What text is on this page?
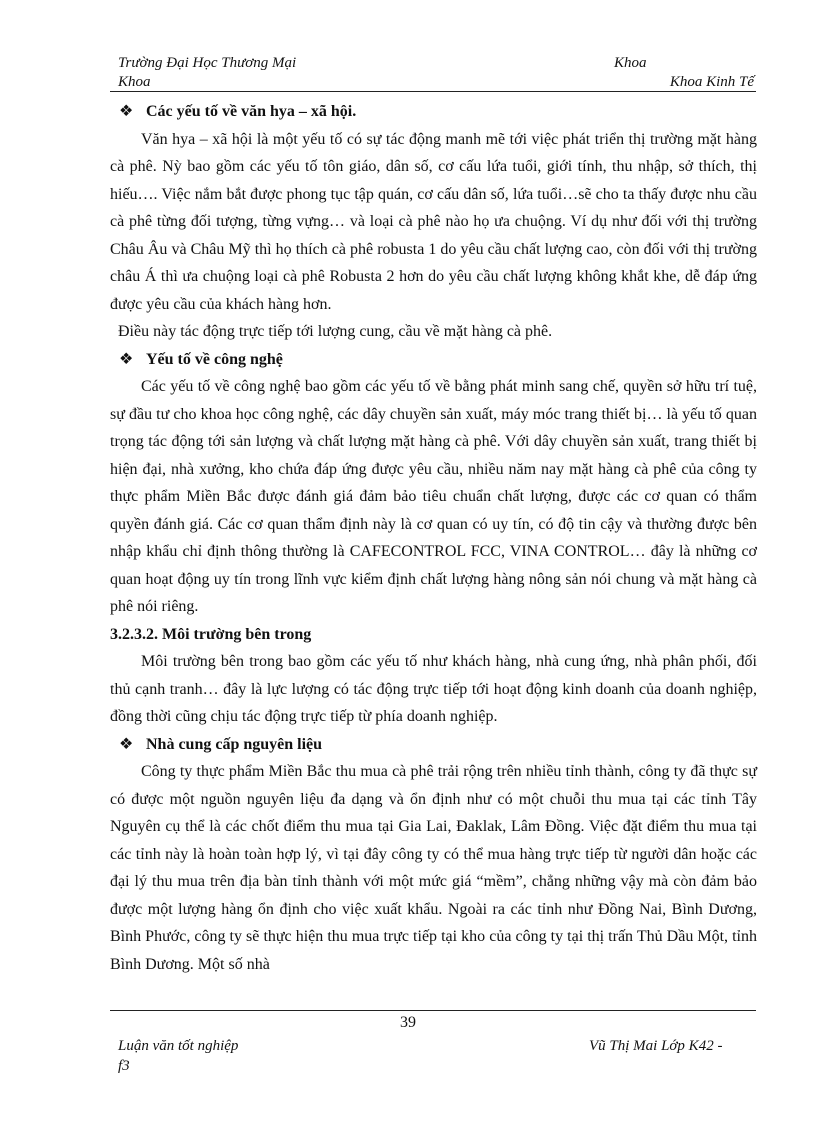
Trường Đại Học Thương Mại	Khoa
Khoa	Khoa Kinh Tế

❖ Các yếu tố về văn hya – xã hội.

Văn hya – xã hội là một yếu tố có sự tác động manh mẽ tới việc phát triển thị trường mặt hàng cà phê. Nỳ bao gồm các yếu tố tôn giáo, dân số, cơ cấu lứa tuổi, giới tính, thu nhập, sở thích, thị hiếu…. Việc nắm bắt được phong tục tập quán, cơ cấu dân số, lứa tuổi…sẽ cho ta thấy được nhu cầu cà phê từng đối tượng, từng vựng… và loại cà phê nào họ ưa chuộng. Ví dụ như đối với thị trường Châu Âu và Châu Mỹ thì họ thích cà phê robusta 1 do yêu cầu chất lượng cao, còn đối với thị trường châu Á thì ưa chuộng loại cà phê Robusta 2 hơn do yêu cầu chất lượng không khắt khe, dễ đáp ứng được yêu cầu của khách hàng hơn.

Điều này tác động trực tiếp tới lượng cung, cầu về mặt hàng cà phê.

❖ Yếu tố về công nghệ

Các yếu tố về công nghệ bao gồm các yếu tố về bằng phát minh sang chế, quyền sở hữu trí tuệ, sự đầu tư cho khoa học công nghệ, các dây chuyền sản xuất, máy móc trang thiết bị… là yếu tố quan trọng tác động tới sản lượng và chất lượng mặt hàng cà phê. Với dây chuyền sản xuất, trang thiết bị hiện đại, nhà xưởng, kho chứa đáp ứng được yêu cầu, nhiều năm nay mặt hàng cà phê của công ty thực phẩm Miền Bắc được đánh giá đảm bảo tiêu chuẩn chất lượng, được các cơ quan có thẩm quyền đánh giá. Các cơ quan thẩm định này là cơ quan có uy tín, có độ tin cậy và thường được bên nhập khẩu chỉ định thông thường là CAFECONTROL FCC, VINA CONTROL… đây là những cơ quan hoạt động uy tín trong lĩnh vực kiểm định chất lượng hàng nông sản nói chung và mặt hàng cà phê nói riêng.

3.2.3.2. Môi trường bên trong

Môi trường bên trong bao gồm các yếu tố như khách hàng, nhà cung ứng, nhà phân phối, đối thủ cạnh tranh… đây là lực lượng có tác động trực tiếp tới hoạt động kinh doanh của doanh nghiệp, đồng thời cũng chịu tác động trực tiếp từ phía doanh nghiệp.

❖ Nhà cung cấp nguyên liệu

Công ty thực phẩm Miền Bắc thu mua cà phê trải rộng trên nhiều tỉnh thành, công ty đã thực sự có được một nguồn nguyên liệu đa dạng và ổn định như có một chuỗi thu mua tại các tỉnh Tây Nguyên cụ thể là các chốt điểm thu mua tại Gia Lai, Đaklak, Lâm Đồng. Việc đặt điểm thu mua tại các tỉnh này là hoàn toàn hợp lý, vì tại đây công ty có thể mua hàng trực tiếp từ người dân hoặc các đại lý thu mua trên địa bàn tỉnh thành với một mức giá “mềm”, chẳng những vậy mà còn đảm bảo được một lượng hàng ổn định cho việc xuất khẩu. Ngoài ra các tỉnh như Đồng Nai, Bình Dương, Bình Phước, công ty sẽ thực hiện thu mua trực tiếp tại kho của công ty tại thị trấn Thủ Dầu Một, tỉnh Bình Dương. Một số nhà

39
Luận văn tốt nghiệp	Vũ Thị Mai Lớp K42 -
f3
